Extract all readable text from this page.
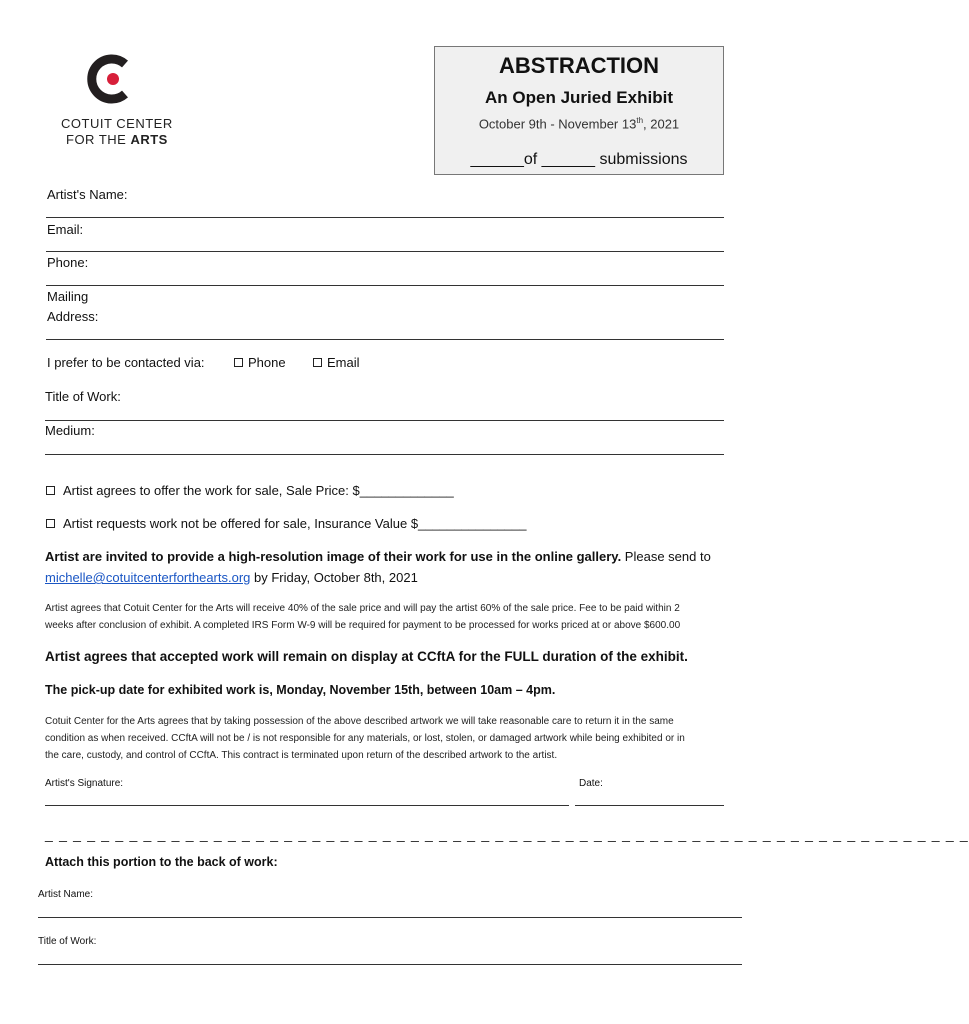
COTUIT CENTER
FOR THE ARTS
ABSTRACTION
An Open Juried Exhibit
October 9th - November 13th, 2021
______of ______ submissions
Artist's Name:
Email:
Phone:
Mailing
Address:
I prefer to be contacted via:	Phone	Email
Title of Work:
Medium:
Artist agrees to offer the work for sale, Sale Price: $_____________
Artist requests work not be offered for sale, Insurance Value $_______________
Artist are invited to provide a high-resolution image of their work for use in the online gallery. Please send to
michelle@cotuitcenterforthearts.org by Friday, October 8th, 2021
Artist agrees that Cotuit Center for the Arts will receive 40% of the sale price and will pay the artist 60% of the sale price. Fee to be paid within 2
weeks after conclusion of exhibit. A completed IRS Form W-9 will be required for payment to be processed for works priced at or above $600.00
Artist agrees that accepted work will remain on display at CCftA for the FULL duration of the exhibit.
The pick-up date for exhibited work is, Monday, November 15th, between 10am – 4pm.
Cotuit Center for the Arts agrees that by taking possession of the above described artwork we will take reasonable care to return it in the same
condition as when received. CCftA will not be / is not responsible for any materials, or lost, stolen, or damaged artwork while being exhibited or in
the care, custody, and control of CCftA. This contract is terminated upon return of the described artwork to the artist.
Artist's Signature:	Date:
_ _ _ _ _ _ _ _ _ _ _ _ _ _ _ _ _ _ _ _ _ _ _ _ _ _ _ _ _ _ _ _ _ _ _ _ _ _ _ _ _ _ _ _ _ _ _ _ _ _ _ _ _ _ _ _ _ _ _ _ _ _ _ _ _ _
Attach this portion to the back of work:
Artist Name:
Title of Work:
